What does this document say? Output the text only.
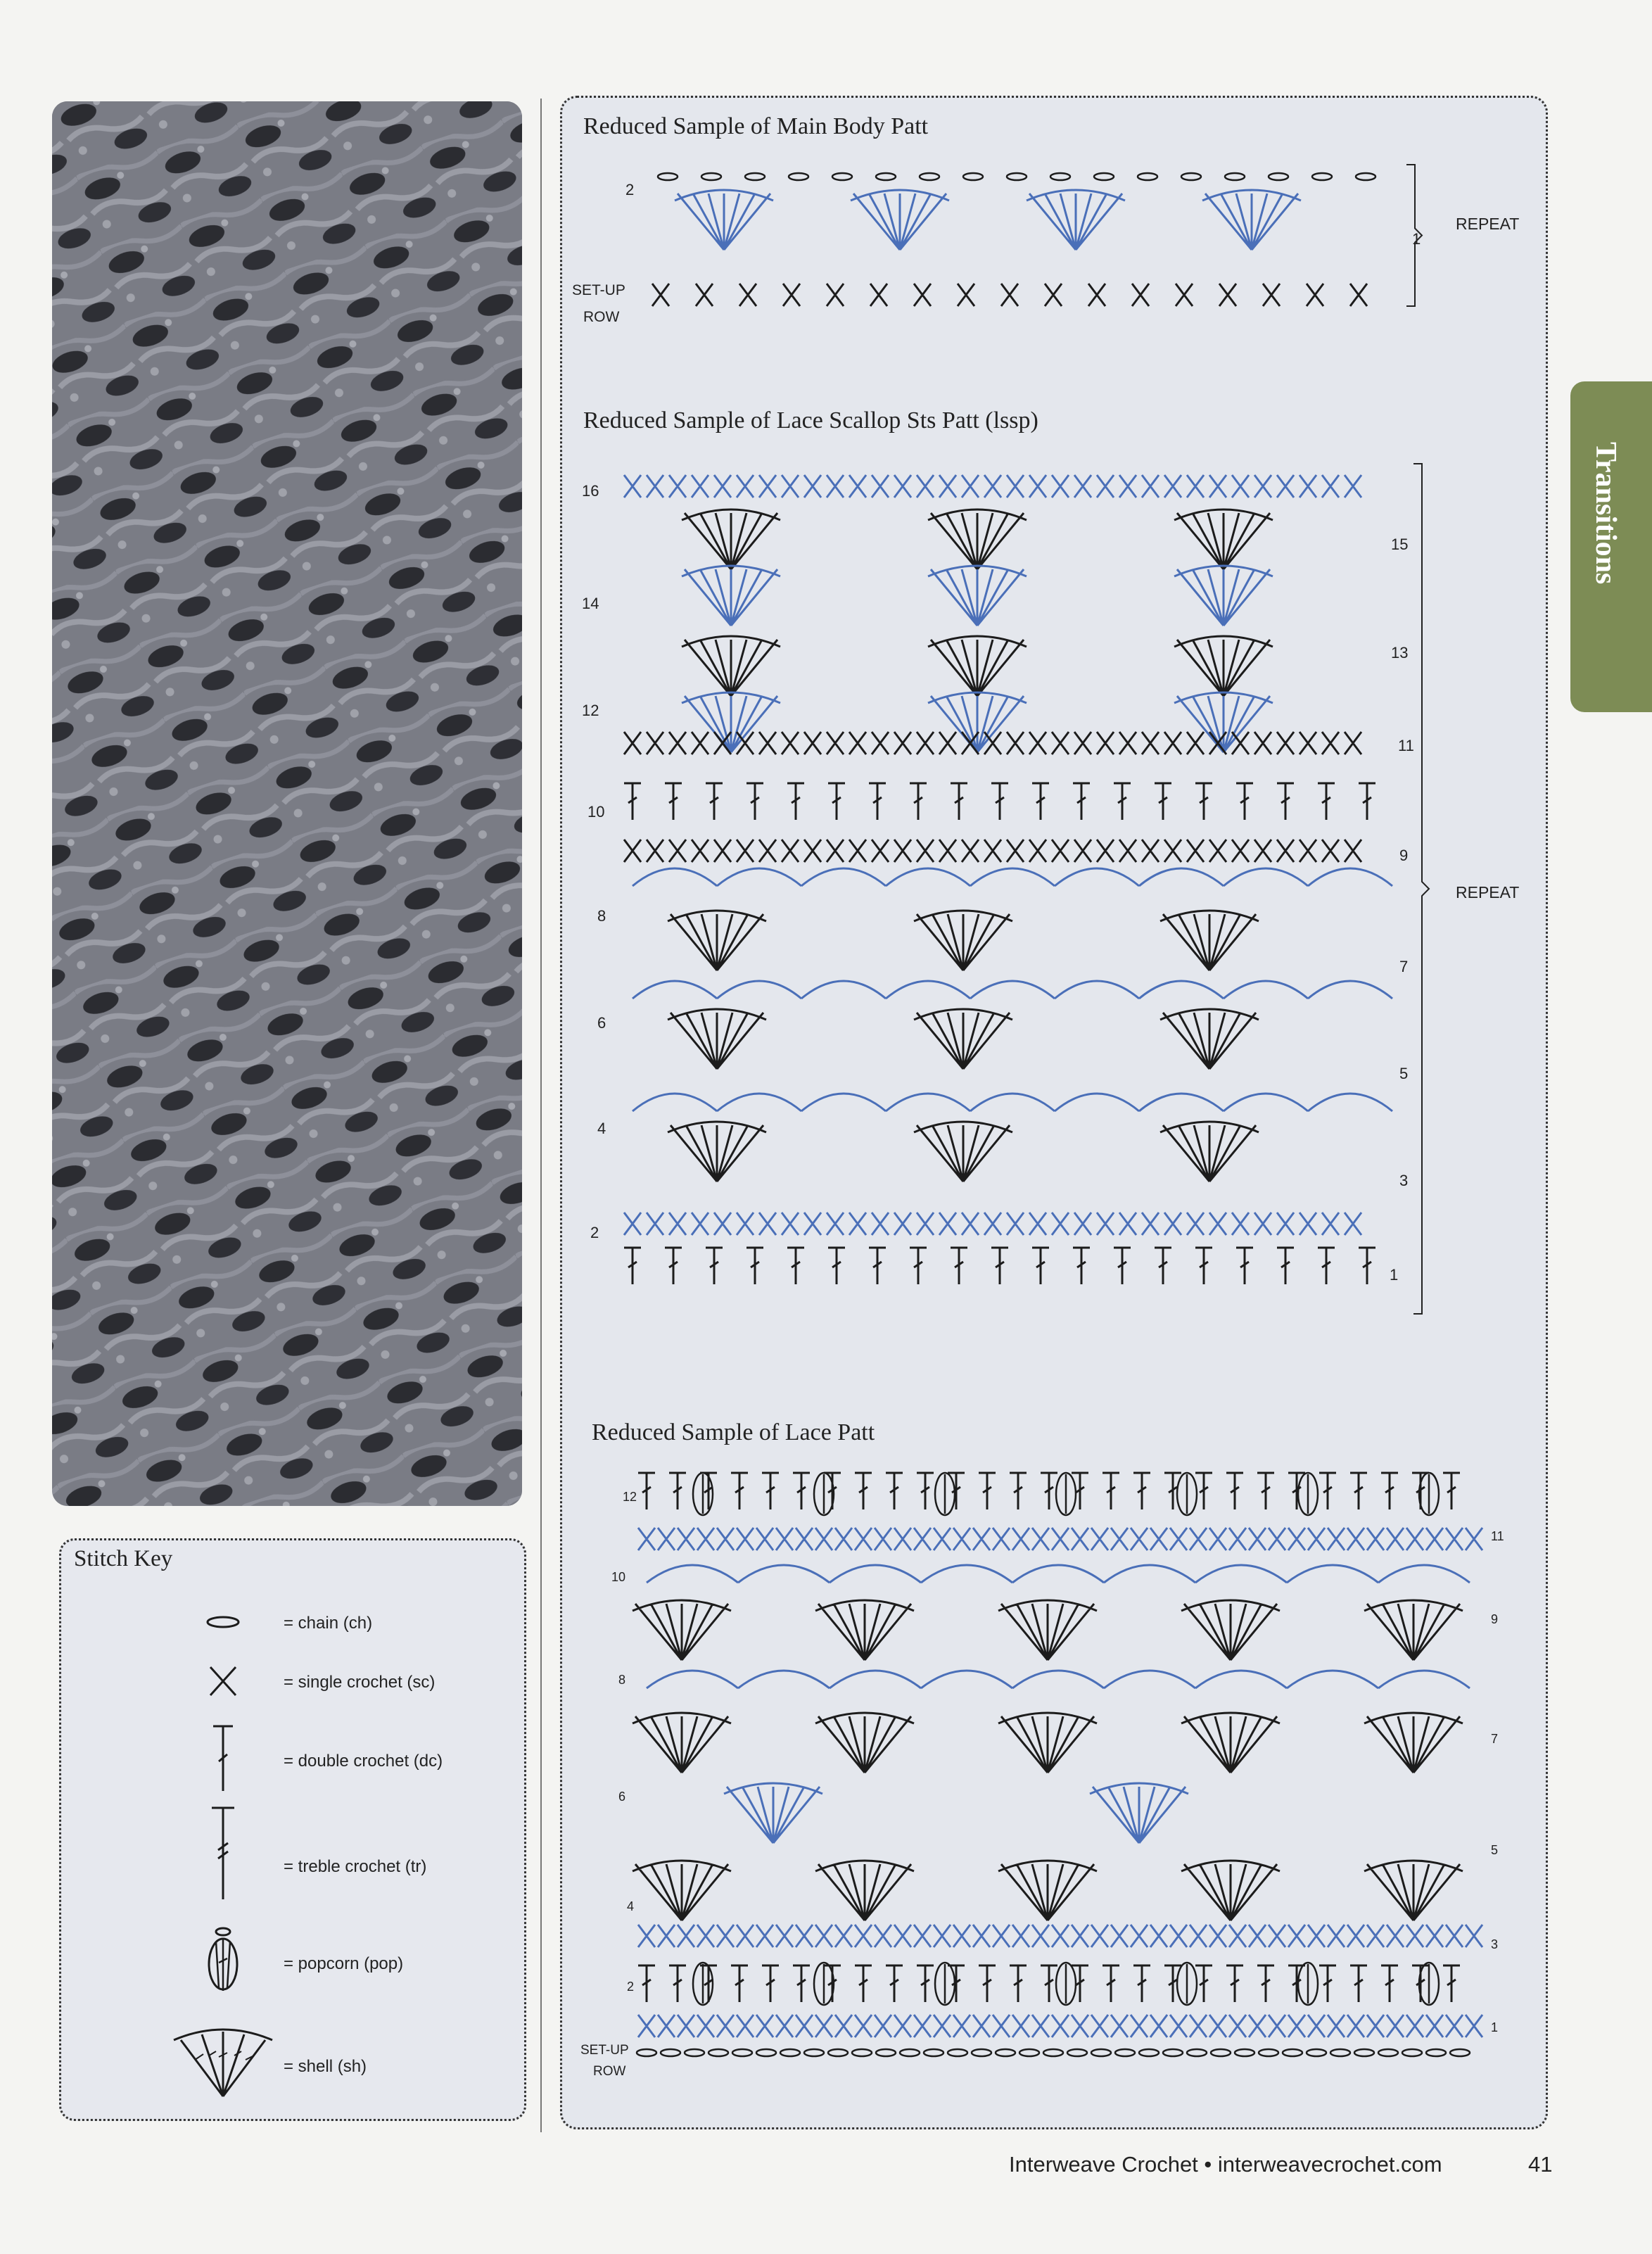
Stitch Key
= chain (ch)
= single crochet (sc)
= double crochet (dc)
= treble crochet (tr)
= popcorn (pop)
= shell (sh)
Reduced Sample of Main Body Patt
2
SET-UP
ROW
1
REPEAT
Reduced Sample of Lace Scallop Sts Patt (lssp)
16
14
12
10
8
6
4
2
15
13
11
9
7
5
3
1
REPEAT
Reduced Sample of Lace Patt
12
10
8
6
4
2
SET-UP
ROW
11
9
7
5
3
1
Transitions
Interweave Crochet • interweavecrochet.com	41
